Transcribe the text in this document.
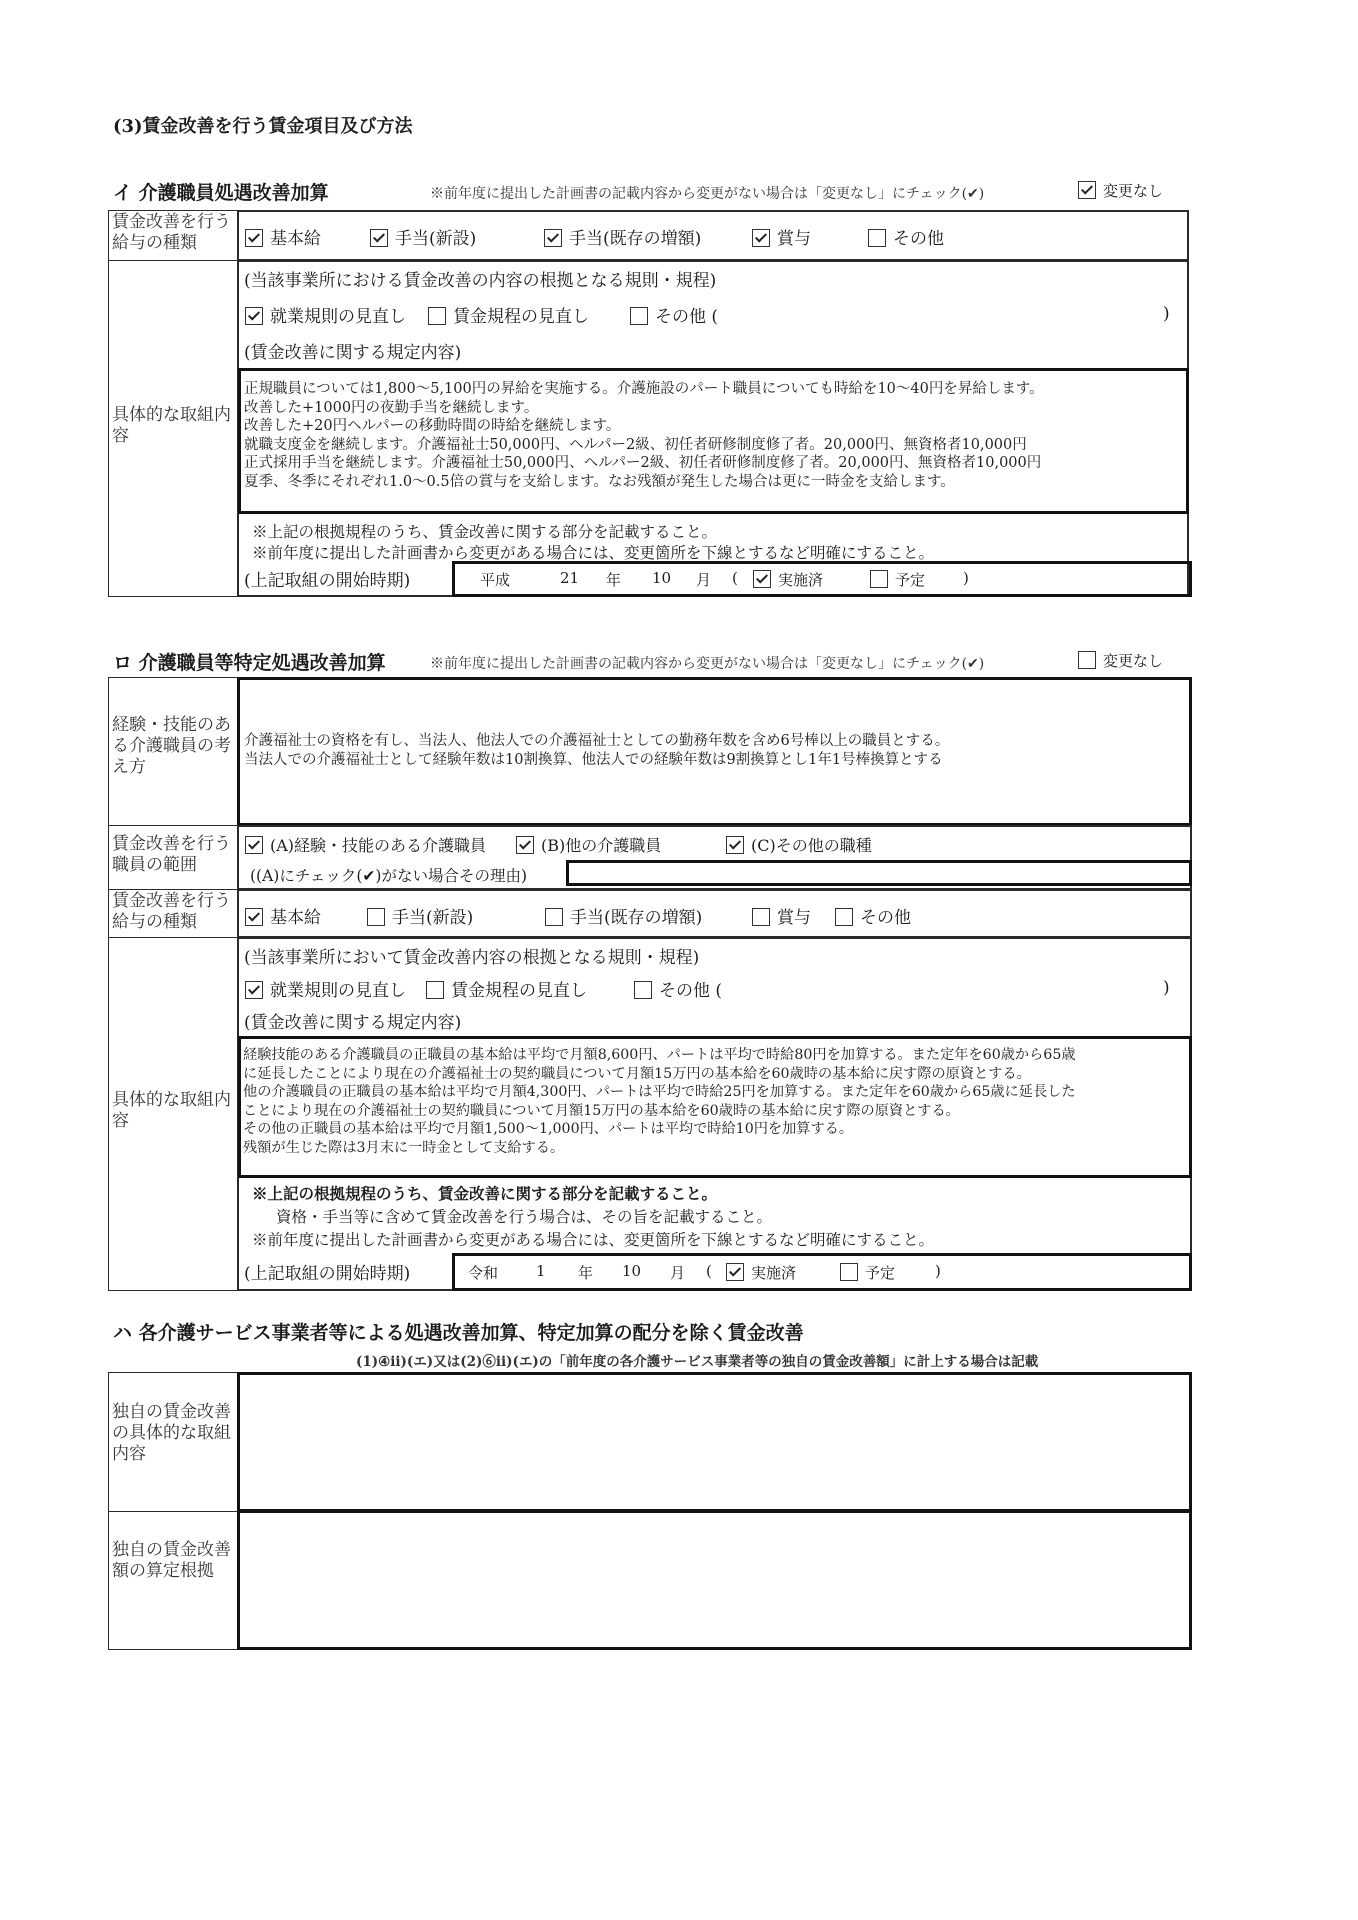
(3)賃金改善を行う賃金項目及び方法
イ 介護職員処遇改善加算	※前年度に提出した計画書の記載内容から変更がない場合は「変更なし」にチェック(✔)	変更なし
賃金改善を行う給与の種類	基本給	手当(新設)	手当(既存の増額)	賞与	その他
具体的な取組内容
(当該事業所における賃金改善の内容の根拠となる規則・規程)
就業規則の見直し	賃金規程の見直し	その他 (	)
(賃金改善に関する規定内容)
正規職員については1,800～5,100円の昇給を実施する。介護施設のパート職員についても時給を10～40円を昇給します。
改善した+1000円の夜勤手当を継続します。
改善した+20円ヘルパーの移動時間の時給を継続します。
就職支度金を継続します。介護福祉士50,000円、ヘルパー2級、初任者研修制度修了者。20,000円、無資格者10,000円
正式採用手当を継続します。介護福祉士50,000円、ヘルパー2級、初任者研修制度修了者。20,000円、無資格者10,000円
夏季、冬季にそれぞれ1.0～0.5倍の賞与を支給します。なお残額が発生した場合は更に一時金を支給します。
※上記の根拠規程のうち、賃金改善に関する部分を記載すること。
※前年度に提出した計画書から変更がある場合には、変更箇所を下線とするなど明確にすること。
(上記取組の開始時期)	平成	21 年 10 月 (	実施済	予定	)
ロ 介護職員等特定処遇改善加算	※前年度に提出した計画書の記載内容から変更がない場合は「変更なし」にチェック(✔)	変更なし
経験・技能のある介護職員の考え方
介護福祉士の資格を有し、当法人、他法人での介護福祉士としての勤務年数を含め6号棒以上の職員とする。
当法人での介護福祉士として経験年数は10割換算、他法人での経験年数は9割換算とし1年1号棒換算とする
賃金改善を行う職員の範囲
(A)経験・技能のある介護職員	(B)他の介護職員	(C)その他の職種
((A)にチェック(✔)がない場合その理由)
賃金改善を行う給与の種類	基本給	手当(新設)	手当(既存の増額)	賞与	その他
具体的な取組内容
(当該事業所において賃金改善内容の根拠となる規則・規程)
就業規則の見直し	賃金規程の見直し	その他 (	)
(賃金改善に関する規定内容)
経験技能のある介護職員の正職員の基本給は平均で月額8,600円、パートは平均で時給80円を加算する。また定年を60歳から65歳
に延長したことにより現在の介護福祉士の契約職員について月額15万円の基本給を60歳時の基本給に戻す際の原資とする。
他の介護職員の正職員の基本給は平均で月額4,300円、パートは平均で時給25円を加算する。また定年を60歳から65歳に延長した
ことにより現在の介護福祉士の契約職員について月額15万円の基本給を60歳時の基本給に戻す際の原資とする。
その他の正職員の基本給は平均で月額1,500～1,000円、パートは平均で時給10円を加算する。
残額が生じた際は3月末に一時金として支給する。
※上記の根拠規程のうち、賃金改善に関する部分を記載すること。
資格・手当等に含めて賃金改善を行う場合は、その旨を記載すること。
※前年度に提出した計画書から変更がある場合には、変更箇所を下線とするなど明確にすること。
(上記取組の開始時期)	令和	1 年 10 月 (	実施済	予定	)
ハ 各介護サービス事業者等による処遇改善加算、特定加算の配分を除く賃金改善
(1)④ⅱ)(エ)又は(2)⑥ⅱ)(エ)の「前年度の各介護サービス事業者等の独自の賃金改善額」に計上する場合は記載
独自の賃金改善の具体的な取組内容
独自の賃金改善額の算定根拠
